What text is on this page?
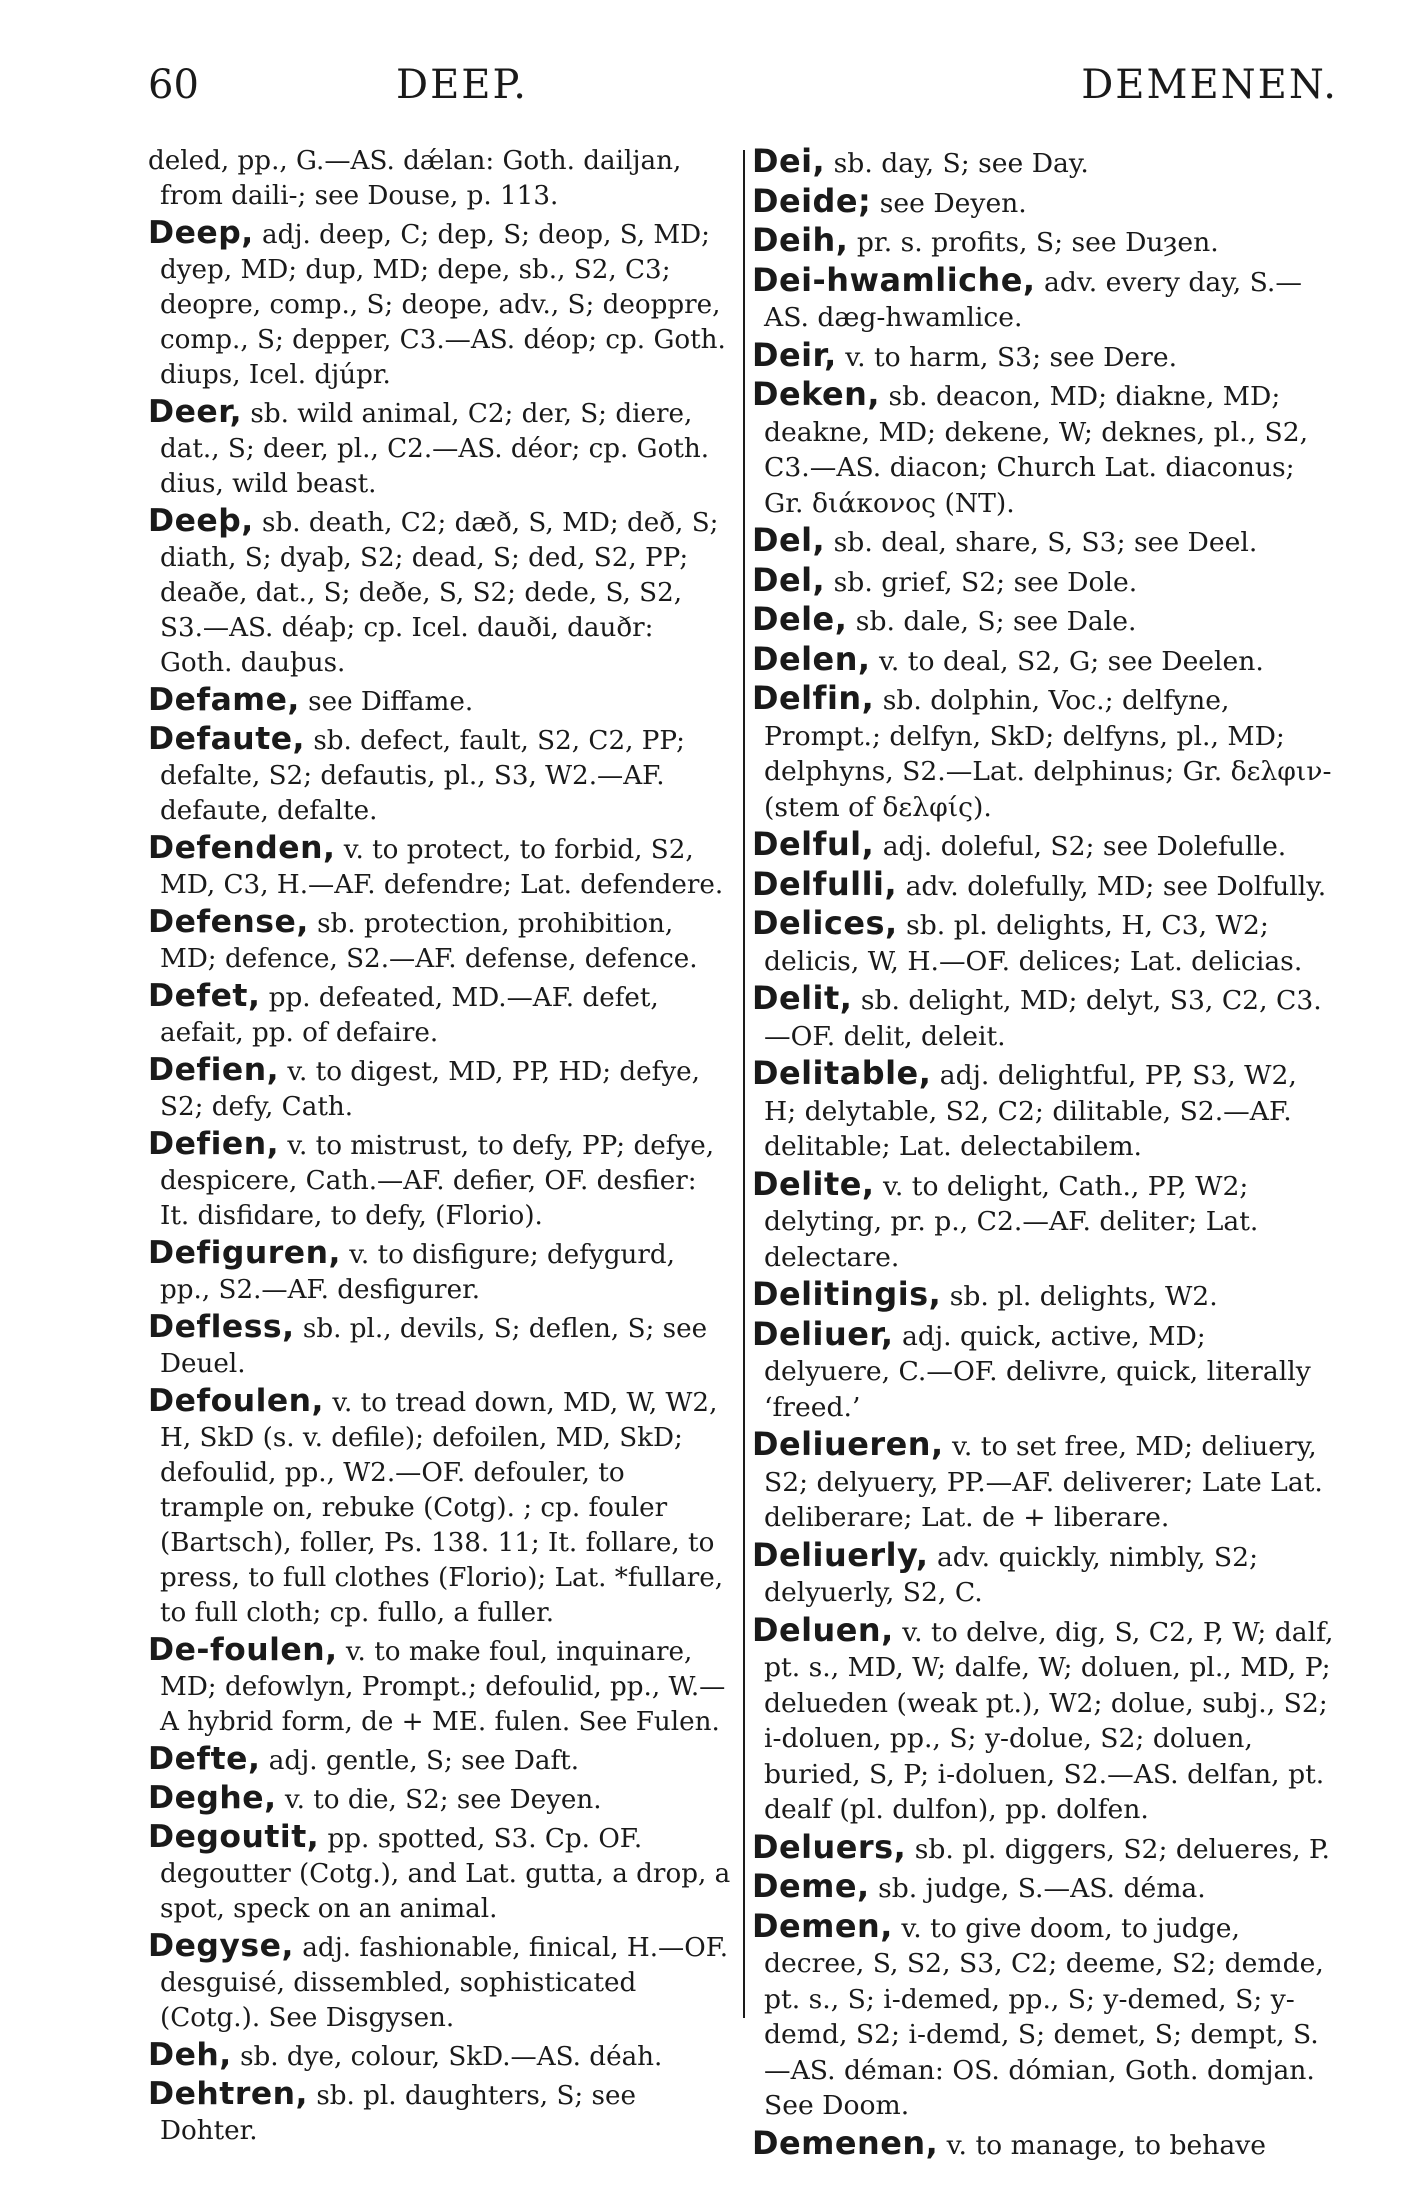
60	DEEP.	DEMENEN.

deled, pp., G.—AS. dǽlan: Goth. dailjan, from daili-; see Douse, p. 113.

Deep, adj. deep, C; dep, S; deop, S, MD; dyep, MD; dup, MD; depe, sb., S2, C3; deopre, comp., S; deope, adv., S; deoppre, comp., S; depper, C3.—AS. déop; cp. Goth. diups, Icel. djúpr.

Deer, sb. wild animal, C2; der, S; diere, dat., S; deer, pl., C2.—AS. déor; cp. Goth. dius, wild beast.

Deeþ, sb. death, C2; dæð, S, MD; deð, S; diath, S; dyaþ, S2; dead, S; ded, S2, PP; deaðe, dat., S; deðe, S, S2; dede, S, S2, S3.—AS. déaþ; cp. Icel. dauði, dauðr: Goth. dauþus.

Defame, see Diffame.

Defaute, sb. defect, fault, S2, C2, PP; defalte, S2; defautis, pl., S3, W2.—AF. defaute, defalte.

Defenden, v. to protect, to forbid, S2, MD, C3, H.—AF. defendre; Lat. defendere.

Defense, sb. protection, prohibition, MD; defence, S2.—AF. defense, defence.

Defet, pp. defeated, MD.—AF. defet, aefait, pp. of defaire.

Defien, v. to digest, MD, PP, HD; defye, S2; defy, Cath.

Defien, v. to mistrust, to defy, PP; defye, despicere, Cath.—AF. defier, OF. desfier: It. disfidare, to defy, (Florio).

Defiguren, v. to disfigure; defygurd, pp., S2.—AF. desfigurer.

Defless, sb. pl., devils, S; deflen, S; see Deuel.

Defoulen, v. to tread down, MD, W, W2, H, SkD (s. v. defile); defoilen, MD, SkD; defoulid, pp., W2.—OF. defouler, to trample on, rebuke (Cotg). ; cp. fouler (Bartsch), foller, Ps. 138. 11; It. follare, to press, to full clothes (Florio); Lat. *fullare, to full cloth; cp. fullo, a fuller.

De-foulen, v. to make foul, inquinare, MD; defowlyn, Prompt.; defoulid, pp., W.—A hybrid form, de + ME. fulen. See Fulen.

Defte, adj. gentle, S; see Daft.

Deghe, v. to die, S2; see Deyen.

Degoutit, pp. spotted, S3. Cp. OF. degoutter (Cotg.), and Lat. gutta, a drop, a spot, speck on an animal.

Degyse, adj. fashionable, finical, H.—OF. desguisé, dissembled, sophisticated (Cotg.). See Disgysen.

Deh, sb. dye, colour, SkD.—AS. déah.

Dehtren, sb. pl. daughters, S; see Dohter.

Dei, sb. day, S; see Day.

Deide; see Deyen.

Deih, pr. s. profits, S; see Duȝen.

Dei-hwamliche, adv. every day, S.—AS. dæg-hwamlice.

Deir, v. to harm, S3; see Dere.

Deken, sb. deacon, MD; diakne, MD; deakne, MD; dekene, W; deknes, pl., S2, C3.—AS. diacon; Church Lat. diaconus; Gr. διάκονος (NT).

Del, sb. deal, share, S, S3; see Deel.

Del, sb. grief, S2; see Dole.

Dele, sb. dale, S; see Dale.

Delen, v. to deal, S2, G; see Deelen.

Delfin, sb. dolphin, Voc.; delfyne, Prompt.; delfyn, SkD; delfyns, pl., MD; delphyns, S2.—Lat. delphinus; Gr. δελφιν- (stem of δελφίς).

Delful, adj. doleful, S2; see Dolefulle.

Delfulli, adv. dolefully, MD; see Dolfully.

Delices, sb. pl. delights, H, C3, W2; delicis, W, H.—OF. delices; Lat. delicias.

Delit, sb. delight, MD; delyt, S3, C2, C3.—OF. delit, deleit.

Delitable, adj. delightful, PP, S3, W2, H; delytable, S2, C2; dilitable, S2.—AF. delitable; Lat. delectabilem.

Delite, v. to delight, Cath., PP, W2; delyting, pr. p., C2.—AF. deliter; Lat. delectare.

Delitingis, sb. pl. delights, W2.

Deliuer, adj. quick, active, MD; delyuere, C.—OF. delivre, quick, literally ‘freed.’

Deliueren, v. to set free, MD; deliuery, S2; delyuery, PP.—AF. deliverer; Late Lat. deliberare; Lat. de + liberare.

Deliuerly, adv. quickly, nimbly, S2; delyuerly, S2, C.

Deluen, v. to delve, dig, S, C2, P, W; dalf, pt. s., MD, W; dalfe, W; doluen, pl., MD, P; delueden (weak pt.), W2; dolue, subj., S2; i-doluen, pp., S; y-dolue, S2; doluen, buried, S, P; i-doluen, S2.—AS. delfan, pt. dealf (pl. dulfon), pp. dolfen.

Deluers, sb. pl. diggers, S2; delueres, P.

Deme, sb. judge, S.—AS. déma.

Demen, v. to give doom, to judge, decree, S, S2, S3, C2; deeme, S2; demde, pt. s., S; i-demed, pp., S; y-demed, S; y-demd, S2; i-demd, S; demet, S; dempt, S.—AS. déman: OS. dómian, Goth. domjan. See Doom.

Demenen, v. to manage, to behave
